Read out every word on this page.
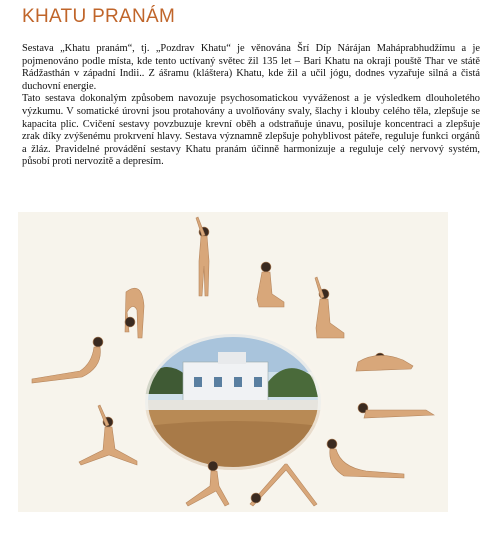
KHATU PRANÁM

Sestava „Khatu pranám“, tj. „Pozdrav Khatu“ je věnována Šrí Díp Nárájan Maháprabhudžímu a je pojmenováno podle místa, kde tento uctívaný světec žil 135 let – Bari Khatu na okraji pouště Thar ve státě Rádžasthán v západní Indii.. Z ášramu (kláštera) Khatu, kde žil a učil jógu, dodnes vyzařuje silná a čistá duchovní energie.

Tato sestava dokonalým způsobem navozuje psychosomatickou vyváženost a je výsledkem dlouholetého výzkumu. V somatické úrovni jsou protahovány a uvolňovány svaly, šlachy i klouby celého těla, zlepšuje se kapacita plic. Cvičení sestavy povzbuzuje krevní oběh a odstraňuje únavu, posiluje koncentraci a zlepšuje zrak díky zvýšenému prokrvení hlavy. Sestava významně zlepšuje pohyblivost páteře, reguluje funkci orgánů a žláz. Pravidelné provádění sestavy Khatu pranám účinně harmonizuje a reguluje celý nervový systém, působí proti nervozitě a depresím.
